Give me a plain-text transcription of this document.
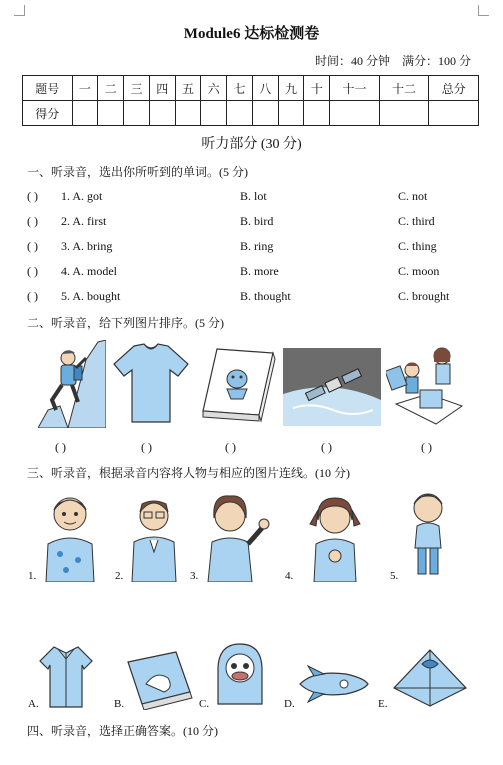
Module6 达标检测卷
时间：40 分钟    满分：100 分
题号	一	二	三	四	五	六	七	八	九	十	十一	十二	总分
得分													
听力部分 (30 分)
一、听录音，选出你所听到的单词。(5 分)
( ) 1. A. got	B. lot	C. not
( ) 2. A. first	B. bird	C. third
( ) 3. A. bring	B. ring	C. thing
( ) 4. A. model	B. more	C. moon
( ) 5. A. bought	B. thought	C. brought
二、听录音，给下列图片排序。(5 分)
( )	( )	( )	( )	( )
三、听录音，根据录音内容将人物与相应的图片连线。(10 分)
1.	2.	3.	4.	5.
A.	B.	C.	D.	E.
四、听录音，选择正确答案。(10 分)
